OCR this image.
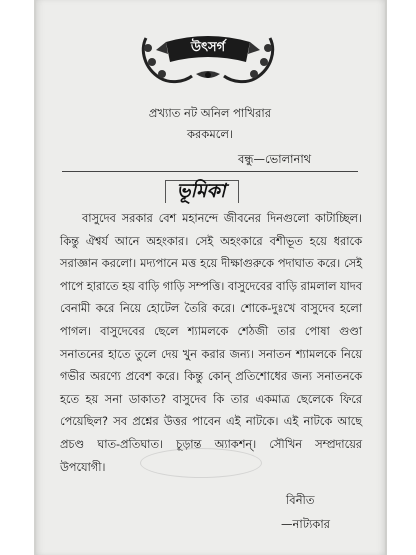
উৎসর্গ
প্রখ্যাত নট অনিল পাখিরার
করকমলে।
বন্ধু—ভোলানাথ
ভূমিকা

বাসুদেব সরকার বেশ মহানন্দে জীবনের দিনগুলো কাটাচ্ছিল। কিন্তু ঐশ্বর্য আনে অহংকার। সেই অহংকারে বশীভূত হয়ে ধরাকে সরাজ্ঞান করলো। মদ্যপানে মত্ত হয়ে দীক্ষাগুরুকে পদাঘাত করে। সেই পাপে হারাতে হয় বাড়ি গাড়ি সম্পত্তি। বাসুদেবের বাড়ি রামলাল যাদব বেনামী করে নিয়ে হোটেল তৈরি করে। শোকে-দুঃখে বাসুদেব হলো পাগল। বাসুদেবের ছেলে শ্যামলকে শেঠজী তার পোষা গুণ্ডা সনাতনের হাতে তুলে দেয় খুন করার জন্য। সনাতন শ্যামলকে নিয়ে গভীর অরণ্যে প্রবেশ করে। কিন্তু কোন্‌ প্রতিশোধের জন্য সনাতনকে হতে হয় সনা ডাকাত? বাসুদেব কি তার একমাত্র ছেলেকে ফিরে পেয়েছিল? সব প্রশ্নের উত্তর পাবেন এই নাটকে। এই নাটকে আছে প্রচণ্ড ঘাত-প্রতিঘাত। চূড়ান্ত অ্যাকশন্‌। সৌখিন সম্প্রদায়ের উপযোগী।

বিনীত
—নাট্যকার
